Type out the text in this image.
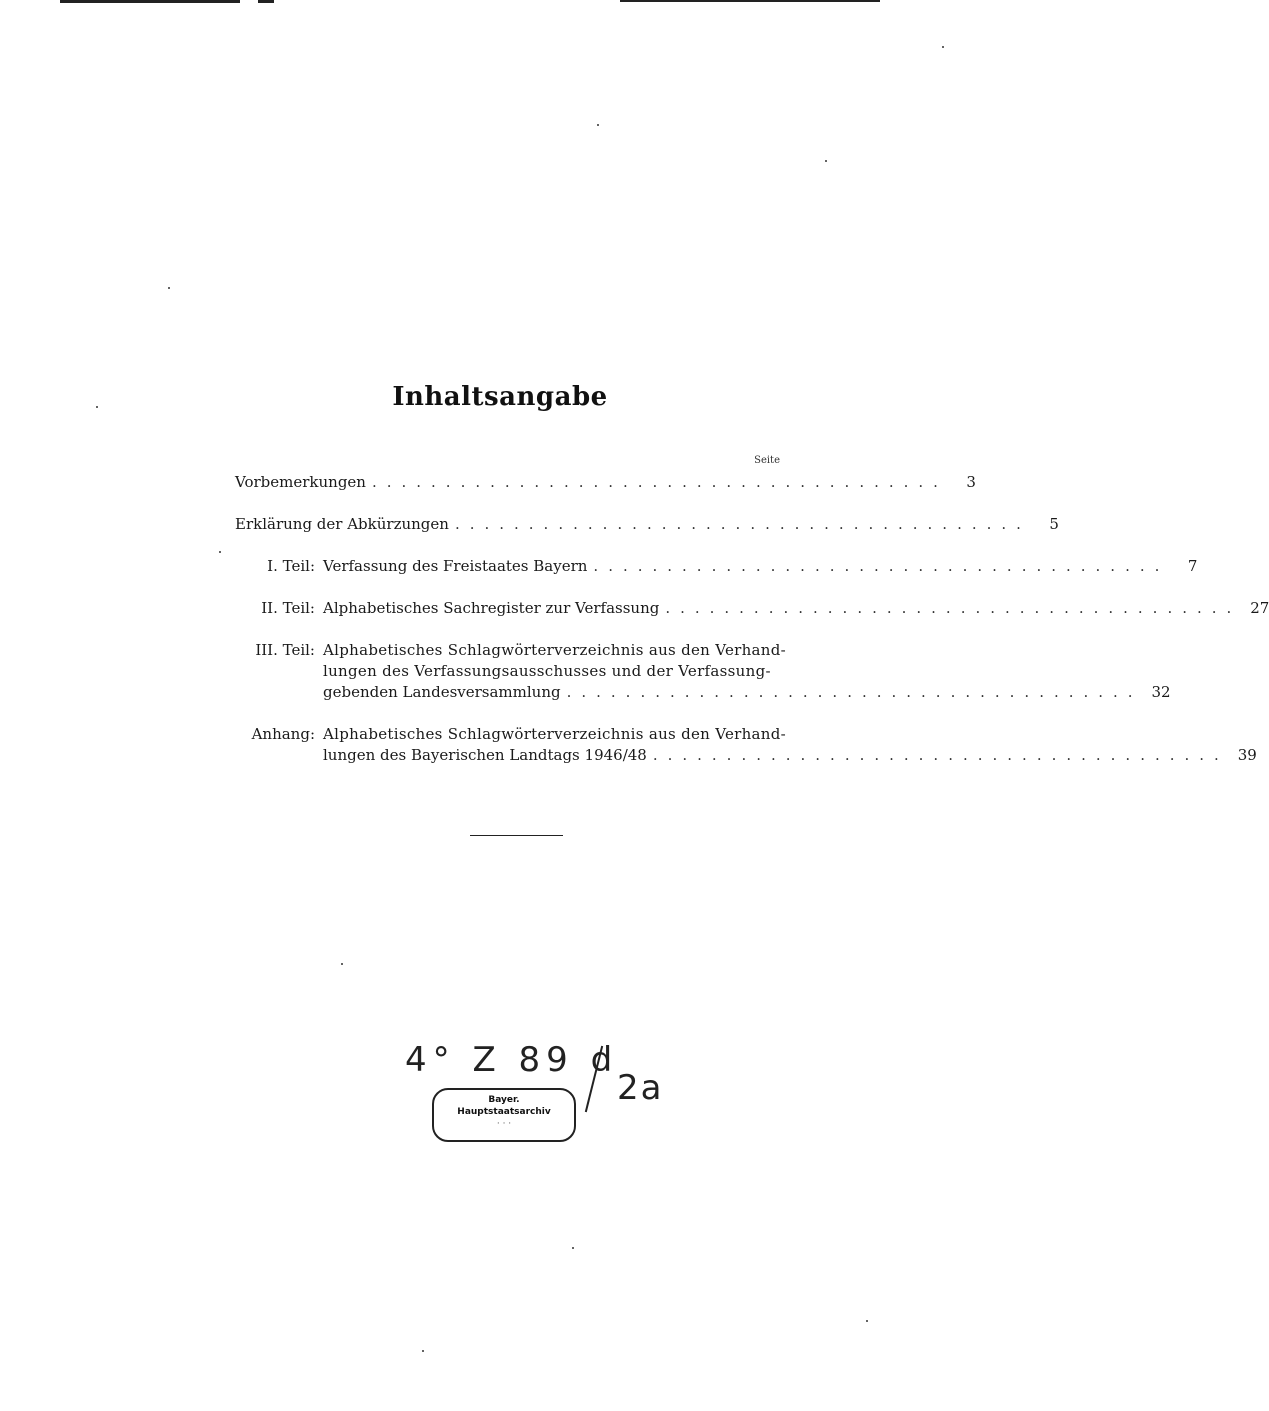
Inhaltsangabe
Seite
Vorbemerkungen .......................................	3
Erklärung der Abkürzungen .......................................	5
I. Teil: Verfassung des Freistaates Bayern .......................................	7
II. Teil: Alphabetisches Sachregister zur Verfassung ....................................... 27
III. Teil: Alphabetisches Schlagwörterverzeichnis aus den Verhand-
lungen des Verfassungsausschusses und der Verfassung-
gebenden Landesversammlung ....................................... 32
Anhang: Alphabetisches Schlagwörterverzeichnis aus den Verhand-
lungen des Bayerischen Landtags 1946/48 ....................................... 39
4° Z 89 d
2a
Bayer.
Hauptstaatsarchiv
· · ·
